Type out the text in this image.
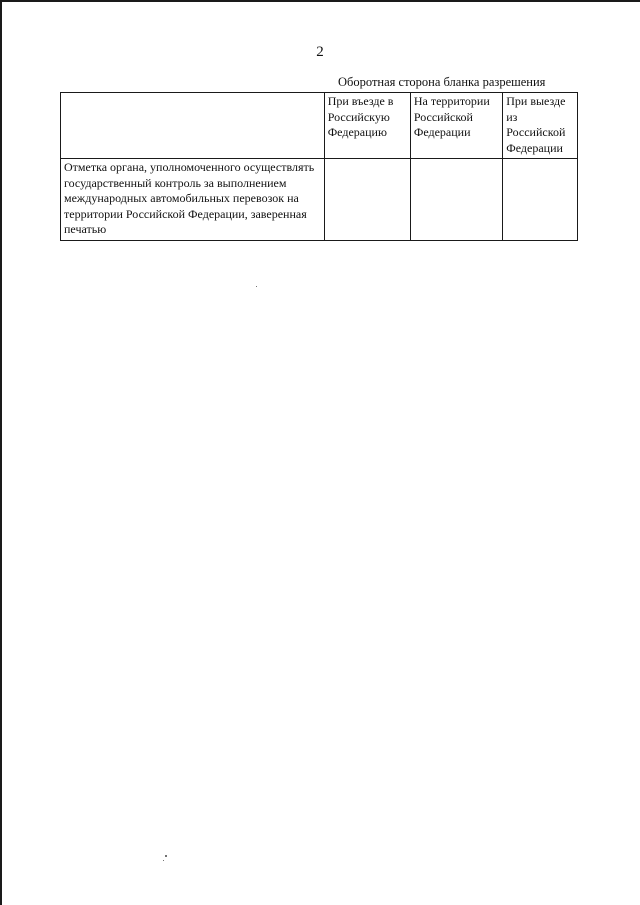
2
Оборотная сторона бланка разрешения
	При въезде в Российскую Федерацию	На территории Российской Федерации	При выезде из Российской Федерации
Отметка органа, уполномоченного осуществлять государственный контроль за выполнением международных автомобильных перевозок на территории Российской Федерации, заверенная печатью			
